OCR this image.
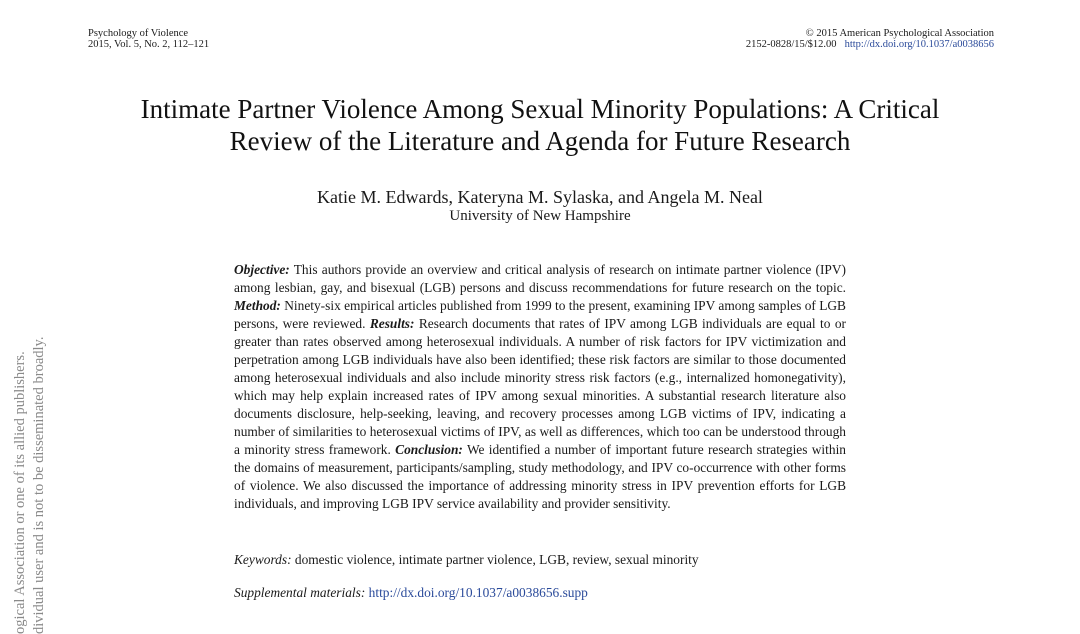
Psychology of Violence
2015, Vol. 5, No. 2, 112–121
© 2015 American Psychological Association
2152-0828/15/$12.00 http://dx.doi.org/10.1037/a0038656
Intimate Partner Violence Among Sexual Minority Populations: A Critical
Review of the Literature and Agenda for Future Research
Katie M. Edwards, Kateryna M. Sylaska, and Angela M. Neal
University of New Hampshire

Objective: This authors provide an overview and critical analysis of research on intimate partner violence (IPV) among lesbian, gay, and bisexual (LGB) persons and discuss recommendations for future research on the topic. Method: Ninety-six empirical articles published from 1999 to the present, examining IPV among samples of LGB persons, were reviewed. Results: Research documents that rates of IPV among LGB individuals are equal to or greater than rates observed among heterosexual individuals. A number of risk factors for IPV victimization and perpetration among LGB individuals have also been identified; these risk factors are similar to those documented among heterosexual individuals and also include minority stress risk factors (e.g., internalized homonegativity), which may help explain increased rates of IPV among sexual minorities. A substantial research literature also documents disclosure, help-seeking, leaving, and recovery processes among LGB victims of IPV, indicating a number of similarities to heterosexual victims of IPV, as well as differences, which too can be understood through a minority stress framework. Conclusion: We identified a number of important future research strategies within the domains of measurement, participants/sampling, study methodology, and IPV co-occurrence with other forms of violence. We also discussed the importance of addressing minority stress in IPV prevention efforts for LGB individuals, and improving LGB IPV service availability and provider sensitivity.

Keywords: domestic violence, intimate partner violence, LGB, review, sexual minority
Supplemental materials: http://dx.doi.org/10.1037/a0038656.supp
ogical Association or one of its allied publishers. dividual user and is not to be disseminated broadly.
